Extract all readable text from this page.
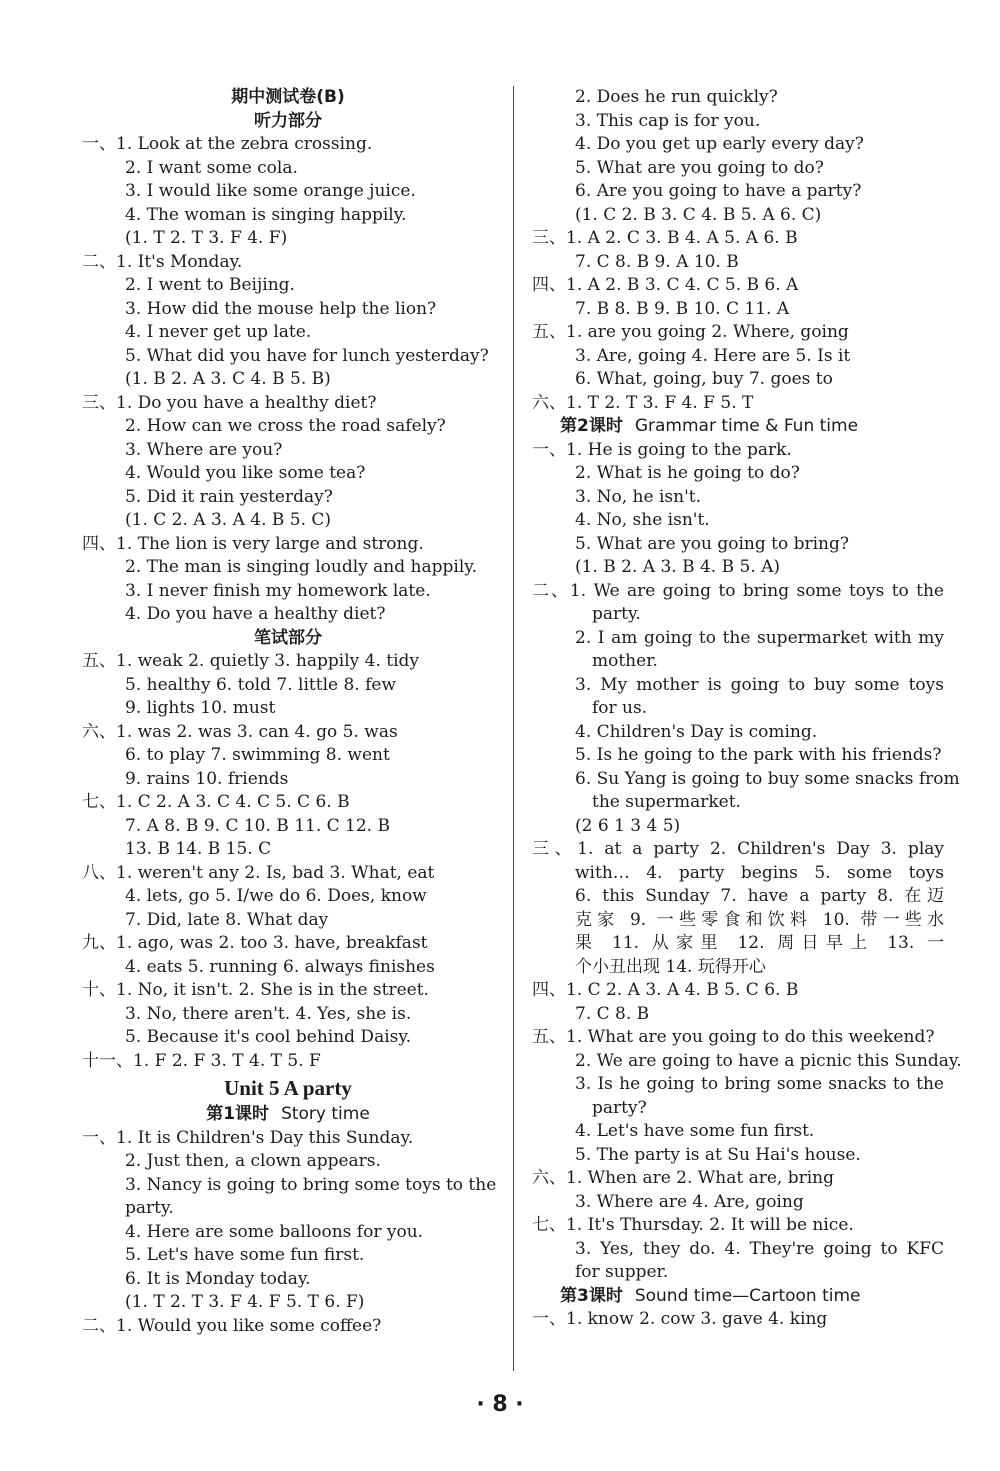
期中测试卷(B)
听力部分
一、1. Look at the zebra crossing.
2. I want some cola.
3. I would like some orange juice.
4. The woman is singing happily.
(1. T 2. T 3. F 4. F)
二、1. It's Monday.
2. I went to Beijing.
3. How did the mouse help the lion?
4. I never get up late.
5. What did you have for lunch yesterday?
(1. B 2. A 3. C 4. B 5. B)
三、1. Do you have a healthy diet?
2. How can we cross the road safely?
3. Where are you?
4. Would you like some tea?
5. Did it rain yesterday?
(1. C 2. A 3. A 4. B 5. C)
四、1. The lion is very large and strong.
2. The man is singing loudly and happily.
3. I never finish my homework late.
4. Do you have a healthy diet?
笔试部分
五、1. weak 2. quietly 3. happily 4. tidy
5. healthy 6. told 7. little 8. few
9. lights 10. must
六、1. was 2. was 3. can 4. go 5. was
6. to play 7. swimming 8. went
9. rains 10. friends
七、1. C 2. A 3. C 4. C 5. C 6. B
7. A 8. B 9. C 10. B 11. C 12. B
13. B 14. B 15. C
八、1. weren't any 2. Is, bad 3. What, eat
4. lets, go 5. I/we do 6. Does, know
7. Did, late 8. What day
九、1. ago, was 2. too 3. have, breakfast
4. eats 5. running 6. always finishes
十、1. No, it isn't. 2. She is in the street.
3. No, there aren't. 4. Yes, she is.
5. Because it's cool behind Daisy.
十一、1. F 2. F 3. T 4. T 5. F
Unit 5 A party
第1课时 Story time
一、1. It is Children's Day this Sunday.
2. Just then, a clown appears.
3. Nancy is going to bring some toys to the
party.
4. Here are some balloons for you.
5. Let's have some fun first.
6. It is Monday today.
(1. T 2. T 3. F 4. F 5. T 6. F)
二、1. Would you like some coffee?
2. Does he run quickly?
3. This cap is for you.
4. Do you get up early every day?
5. What are you going to do?
6. Are you going to have a party?
(1. C 2. B 3. C 4. B 5. A 6. C)
三、1. A 2. C 3. B 4. A 5. A 6. B
7. C 8. B 9. A 10. B
四、1. A 2. B 3. C 4. C 5. B 6. A
7. B 8. B 9. B 10. C 11. A
五、1. are you going 2. Where, going
3. Are, going 4. Here are 5. Is it
6. What, going, buy 7. goes to
六、1. T 2. T 3. F 4. F 5. T
第2课时 Grammar time & Fun time
一、1. He is going to the park.
2. What is he going to do?
3. No, he isn't.
4. No, she isn't.
5. What are you going to bring?
(1. B 2. A 3. B 4. B 5. A)
二、1. We are going to bring some toys to the
party.
2. I am going to the supermarket with my
mother.
3. My mother is going to buy some toys
for us.
4. Children's Day is coming.
5. Is he going to the park with his friends?
6. Su Yang is going to buy some snacks from
the supermarket.
(2 6 1 3 4 5)
三、1. at a party 2. Children's Day 3. play
with… 4. party begins 5. some toys
6. this Sunday 7. have a party 8. 在迈
克家 9. 一些零食和饮料 10. 带一些水
果 11. 从家里 12. 周日早上 13. 一
个小丑出现 14. 玩得开心
四、1. C 2. A 3. A 4. B 5. C 6. B
7. C 8. B
五、1. What are you going to do this weekend?
2. We are going to have a picnic this Sunday.
3. Is he going to bring some snacks to the
party?
4. Let's have some fun first.
5. The party is at Su Hai's house.
六、1. When are 2. What are, bring
3. Where are 4. Are, going
七、1. It's Thursday. 2. It will be nice.
3. Yes, they do. 4. They're going to KFC
for supper.
第3课时 Sound time—Cartoon time
一、1. know 2. cow 3. gave 4. king
· 8 ·
